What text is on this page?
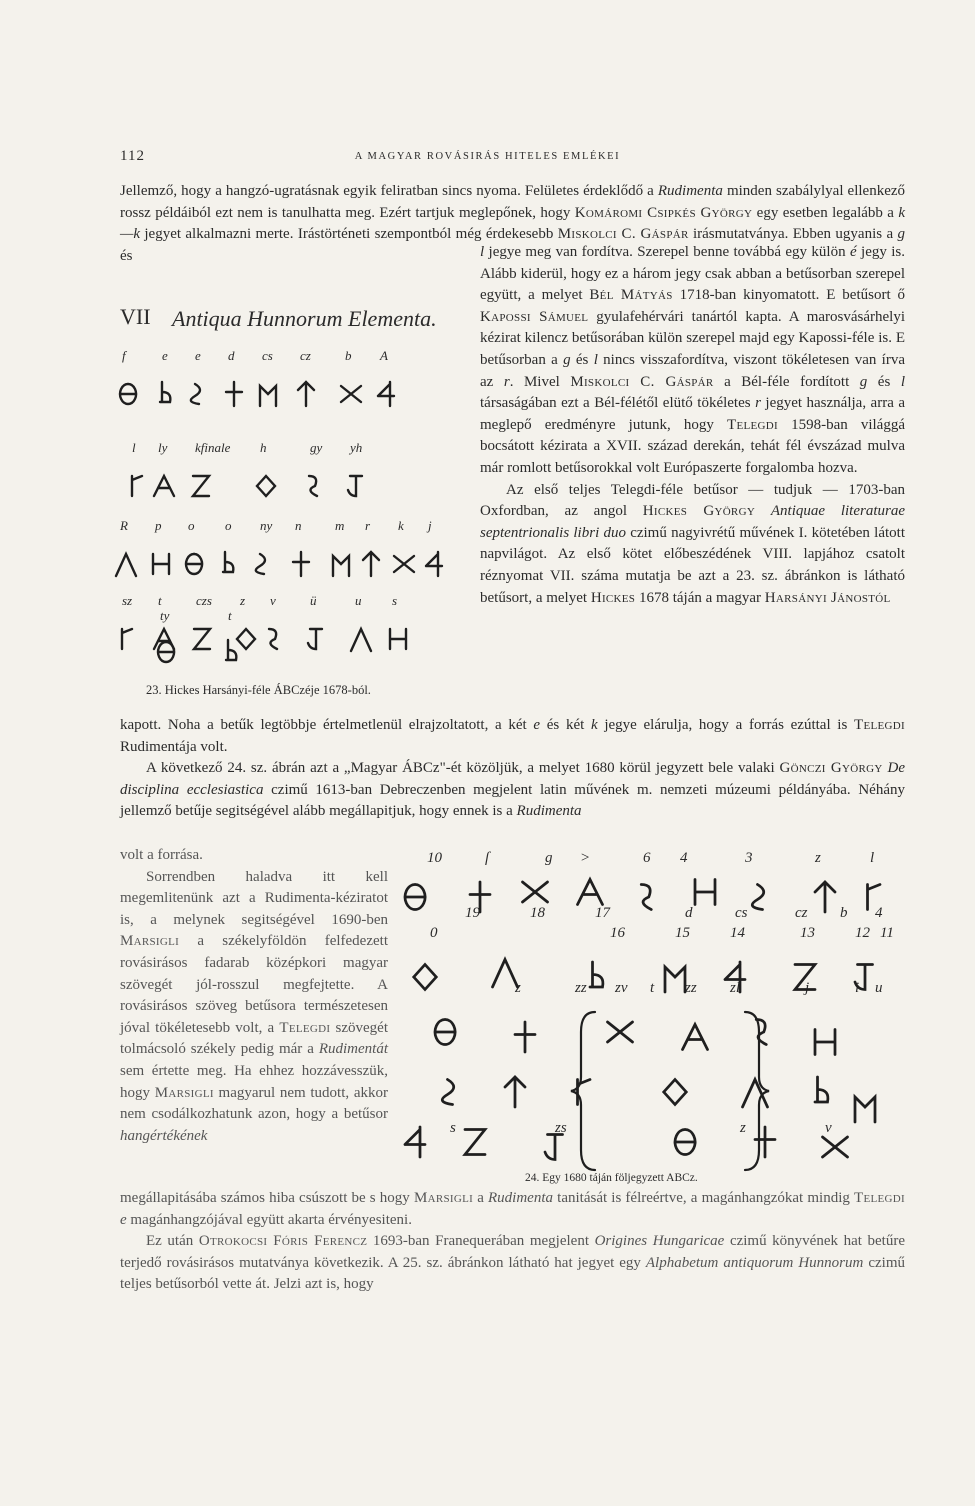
112	A MAGYAR ROVÁSIRÁS HITELES EMLÉKEI

Jellemző, hogy a hangzó-ugratásnak egyik feliratban sincs nyoma. Felületes érdeklődő a Rudimenta minden szabálylyal ellenkező rossz példáiból ezt nem is tanulhatta meg. Ezért tartjuk meglepőnek, hogy Komáromi Csipkés György egy esetben legalább a k—k jegyet alkalmazni merte. Irástörténeti szempontból még érdekesebb Miskolci C. Gáspár irásmutatványa. Ebben ugyanis a g és	l jegye meg van fordítva. Szerepel benne továbbá egy külön é jegy is. Alább kiderül, hogy ez a három jegy csak abban a betűsorban szerepel együtt, a melyet Bél Mátyás 1718-ban kinyomatott. E betűsort ő Kapossi Sámuel gyulafehérvári tanártól kapta. A marosvásárhelyi kézirat kilencz betűsorában külön szerepel majd egy Kapossi-féle is. E betűsorban a g és l nincs visszafordítva, viszont tökéletesen van írva az r. Mivel Miskolci C. Gáspár a Bél-féle fordított g és l társaságában ezt a Bél-félétől elütő tökéletes r jegyet használja, arra a meglepő eredményre jutunk, hogy Telegdi 1598-ban világgá bocsátott kézirata a XVII. század derekán, tehát fél évszázad mulva már romlott betűsorokkal volt Európaszerte forgalomba hozva.

Az első teljes Telegdi-féle betűsor — tudjuk — 1703-ban Oxfordban, az angol Hickes György Antiquae literaturae septentrionalis libri duo czimű nagyivrétű művének I. kötetében látott napvilágot. Az első kötet előbeszédének VIII. lapjához csatolt réznyomat VII. száma mutatja be azt a 23. sz. ábránkon is látható betűsort, a melyet Hickes 1678 táján a magyar Harsányi Jánostól

VII Antiqua Hunnorum Elementa.
f	e e d cs cz	b A
l ly kfinale h	gy yh
R p o o ny n	m r k j
sz t	czs z v	ü	u s
ty	t
23. Hickes Harsányi-féle ÁBCzéje 1678-ból.

kapott. Noha a betűk legtöbbje értelmetlenül elrajzoltatott, a két e és két k jegye elárulja, hogy a forrás ezúttal is Telegdi Rudimentája volt.

A következő 24. sz. ábrán azt a „Magyar ÁBCz"-ét közöljük, a melyet 1680 körül jegyzett bele valaki Gönczi György De disciplina ecclesiastica czimű 1613-ban Debreczenben megjelent latin művének m. nemzeti múzeumi példányába. Néhány jellemző betűje segitségével alább megállapitjuk, hogy ennek is a Rudimenta

volt a forrása.

Sorrendben haladva itt kell megemlitenünk azt a Rudimenta-kéziratot is, a melynek segitségével 1690-ben Marsigli a székelyföldön felfedezett rovásirásos fadarab középkori magyar szövegét jól-rosszul megfejtette. A rovásirásos szöveg betűsora természetesen jóval tökéletesebb volt, a Telegdi szövegét tolmácsoló székely pedig már a Rudimentát sem értette meg. Ha ehhez hozzávesszük, hogy Marsigli magyarul nem tudott, akkor nem csodálkozhatunk azon, hogy a betűsor hangértékének

10	ſ	g >	6 4	3	z	l
19	18	17	d	cs	cz b 4
16	15	14	13	12 11
0
z	zz zv t zz zl	j	i u
s	zs	z	v
24. Egy 1680 táján följegyzett ABCz.

megállapitásába számos hiba csúszott be s hogy Marsigli a Rudimenta tanitását is félreértve, a magánhangzókat mindig Telegdi e magánhangzójával együtt akarta érvényesiteni.

Ez után Otrokocsi Fóris Ferencz 1693-ban Franequerában megjelent Origines Hungaricae czimű könyvének hat betűre terjedő rovásirásos mutatványa következik. A 25. sz. ábránkon látható hat jegyet egy Alphabetum antiquorum Hunnorum czimű teljes betűsorból vette át. Jelzi azt is, hogy
